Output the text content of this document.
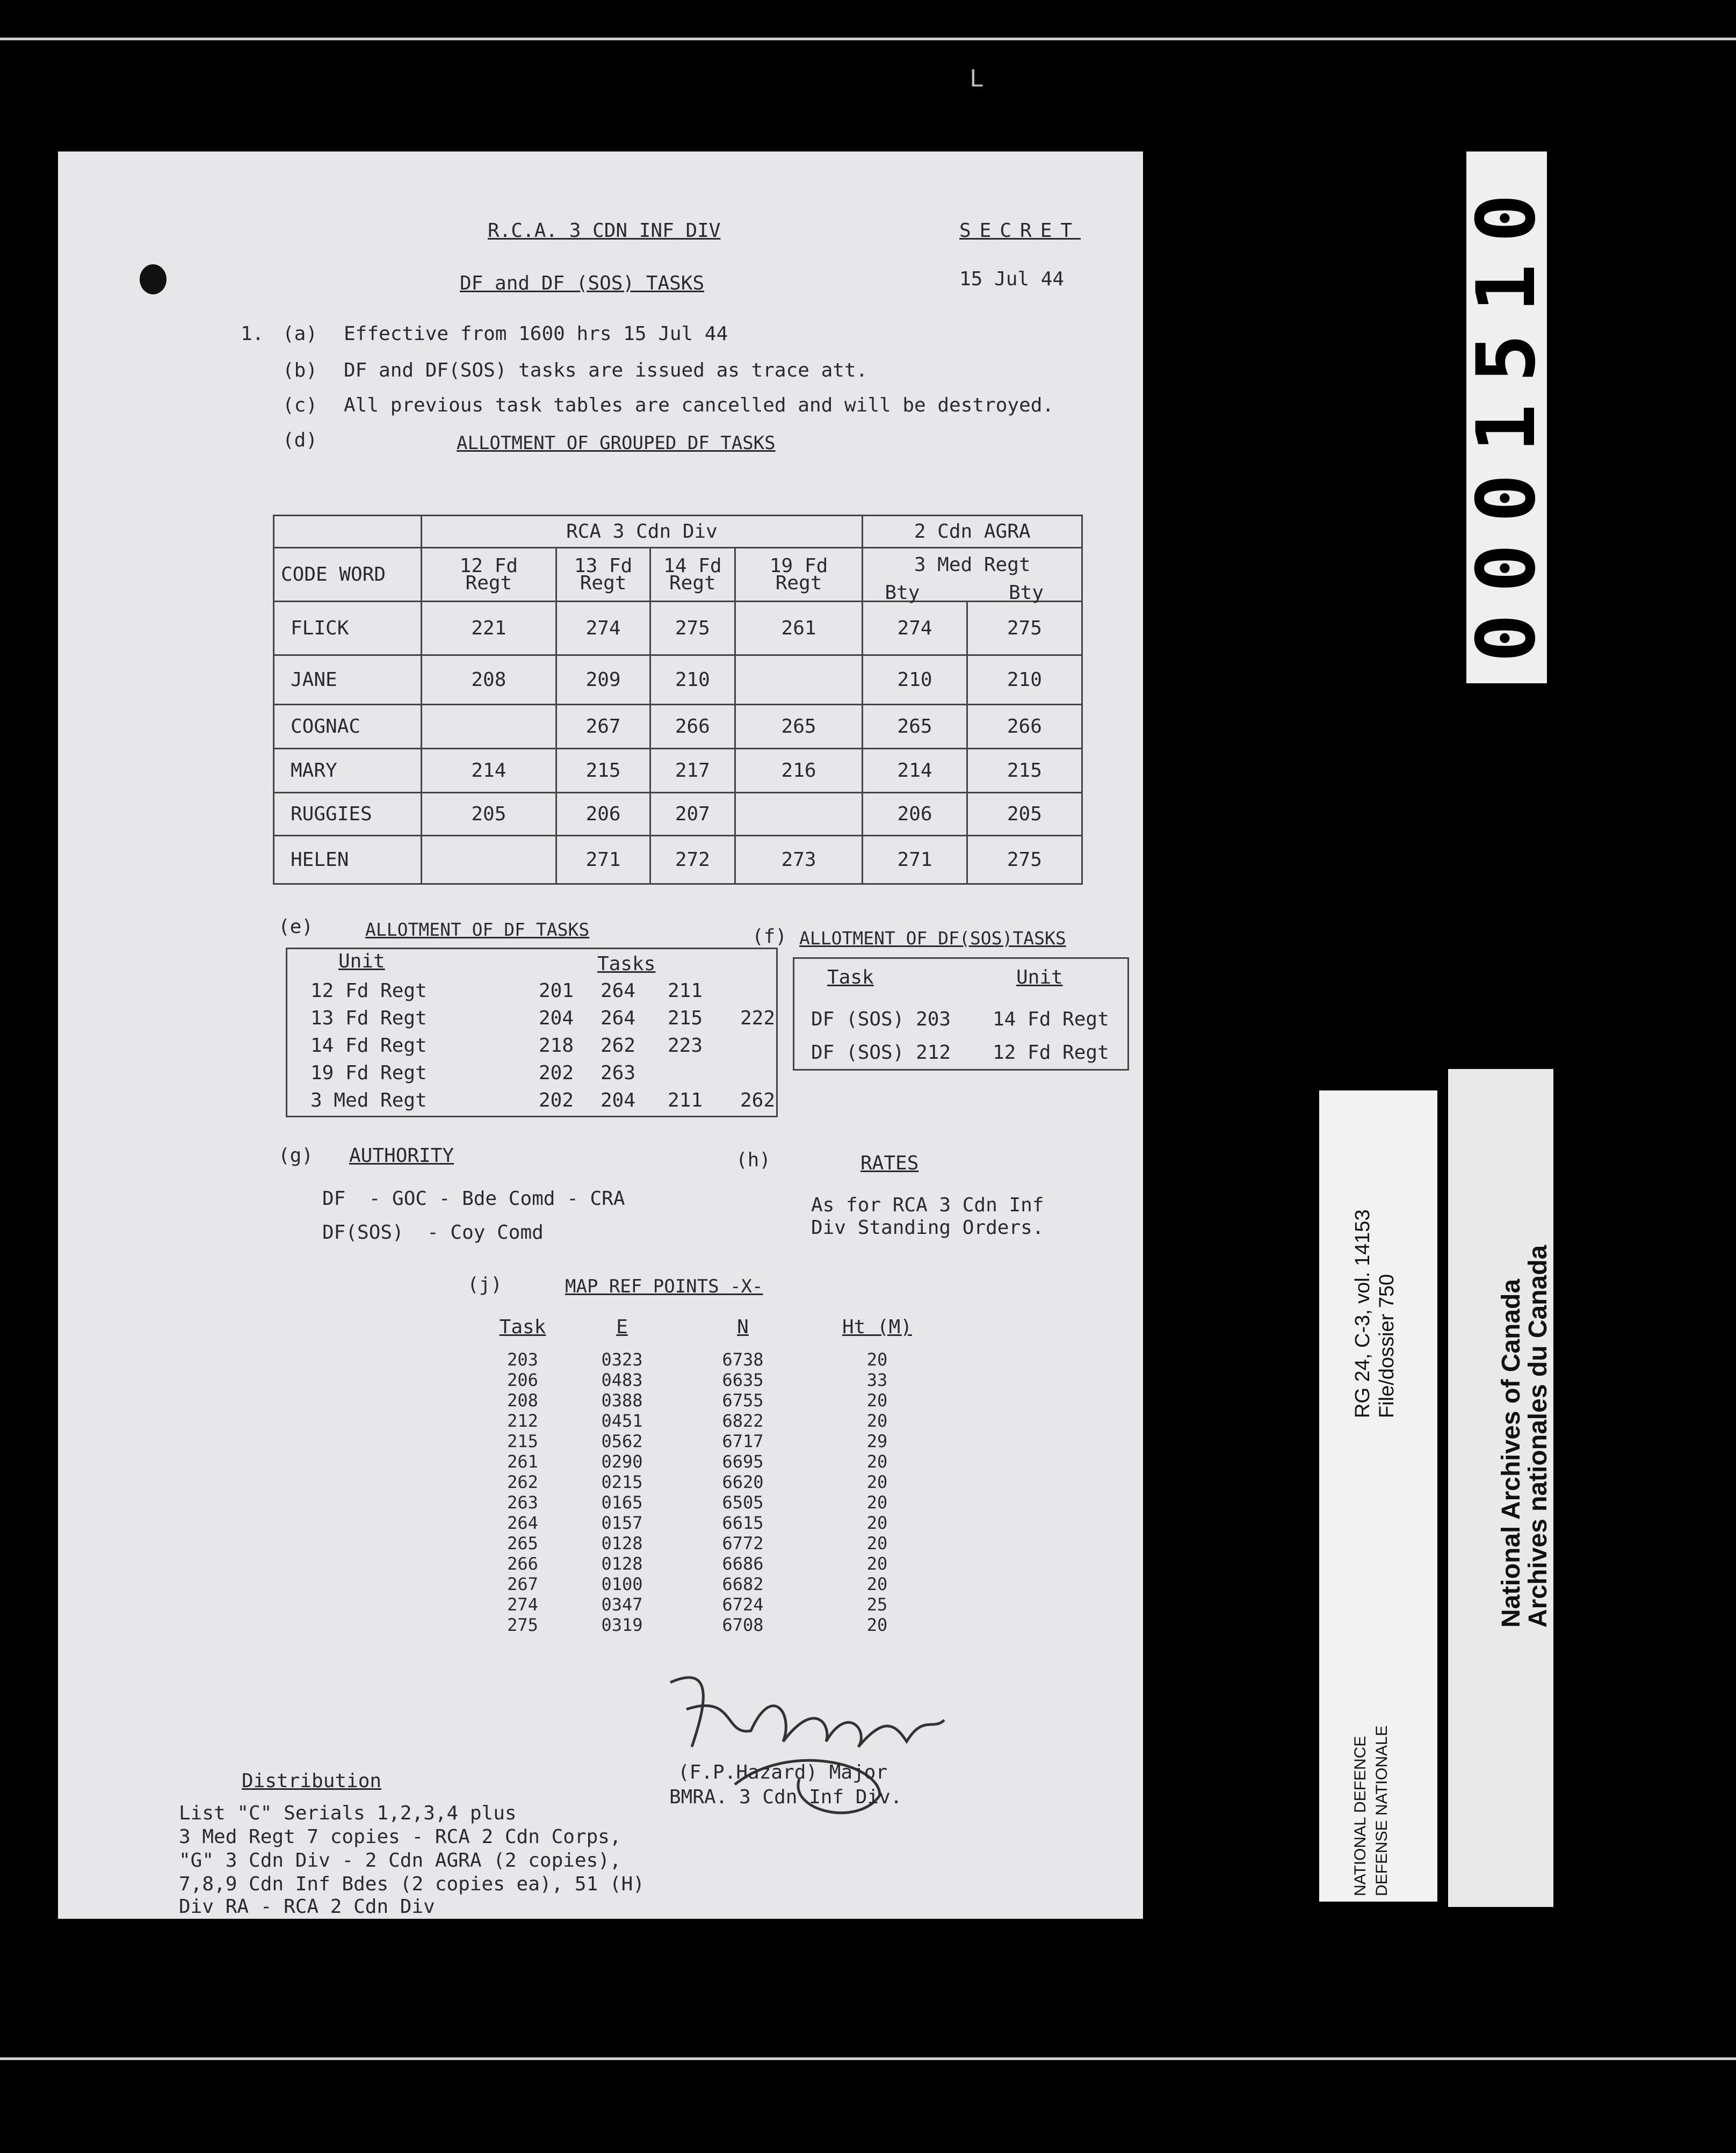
L
R.C.A. 3 CDN INF DIV	SECRET
DF and DF (SOS) TASKS	15 Jul 44
1. (a) Effective from 1600 hrs 15 Jul 44
(b) DF and DF(SOS) tasks are issued as trace att.
(c) All previous task tables are cancelled and will be destroyed.
(d)	ALLOTMENT OF GROUPED DF TASKS
	RCA 3 Cdn Div				2 Cdn AGRA	
CODE WORD	12 Fd Regt	13 Fd Regt	14 Fd Regt	19 Fd Regt	3 Med Regt
Bty Bty	

FLICK	221	274	275	261	274	275
JANE	208	209	210		210	210
COGNAC		267	266	265	265	266
MARY	214	215	217	216	214	215
RUGGIES	205	206	207		206	205
HELEN		271	272	273	271	275
(e)	ALLOTMENT OF DF TASKS
Unit	Tasks
12 Fd Regt	201 264 211
13 Fd Regt	204 264 215 222
14 Fd Regt	218 262 223
19 Fd Regt	202 263
3 Med Regt	202 204 211 262
(f) ALLOTMENT OF DF(SOS)TASKS
Task	Unit
DF (SOS) 203 14 Fd Regt
DF (SOS) 212 12 Fd Regt
(g) AUTHORITY
DF  - GOC - Bde Comd - CRA
DF(SOS)  - Coy Comd
(h)	RATES
As for RCA 3 Cdn Inf
Div Standing Orders.
(j)	MAP REF POINTS -X-
Task	E	N	Ht (M)
203	0323	6738	20
206	0483	6635	33
208	0388	6755	20
212	0451	6822	20
215	0562	6717	29
261	0290	6695	20
262	0215	6620	20
263	0165	6505	20
264	0157	6615	20
265	0128	6772	20
266	0128	6686	20
267	0100	6682	20
274	0347	6724	25
275	0319	6708	20
(F.P.Hazard) Major
BMRA. 3 Cdn Inf Div.
Distribution
List "C" Serials 1,2,3,4 plus
3 Med Regt 7 copies - RCA 2 Cdn Corps,
"G" 3 Cdn Div - 2 Cdn AGRA (2 copies),
7,8,9 Cdn Inf Bdes (2 copies ea), 51 (H)
Div RA - RCA 2 Cdn Div
0001510
RG 24, C-3, vol. 14153 File/dossier 750
NATIONAL DEFENCE DEFENSE NATIONALE
National Archives of Canada
Archives nationales du Canada
